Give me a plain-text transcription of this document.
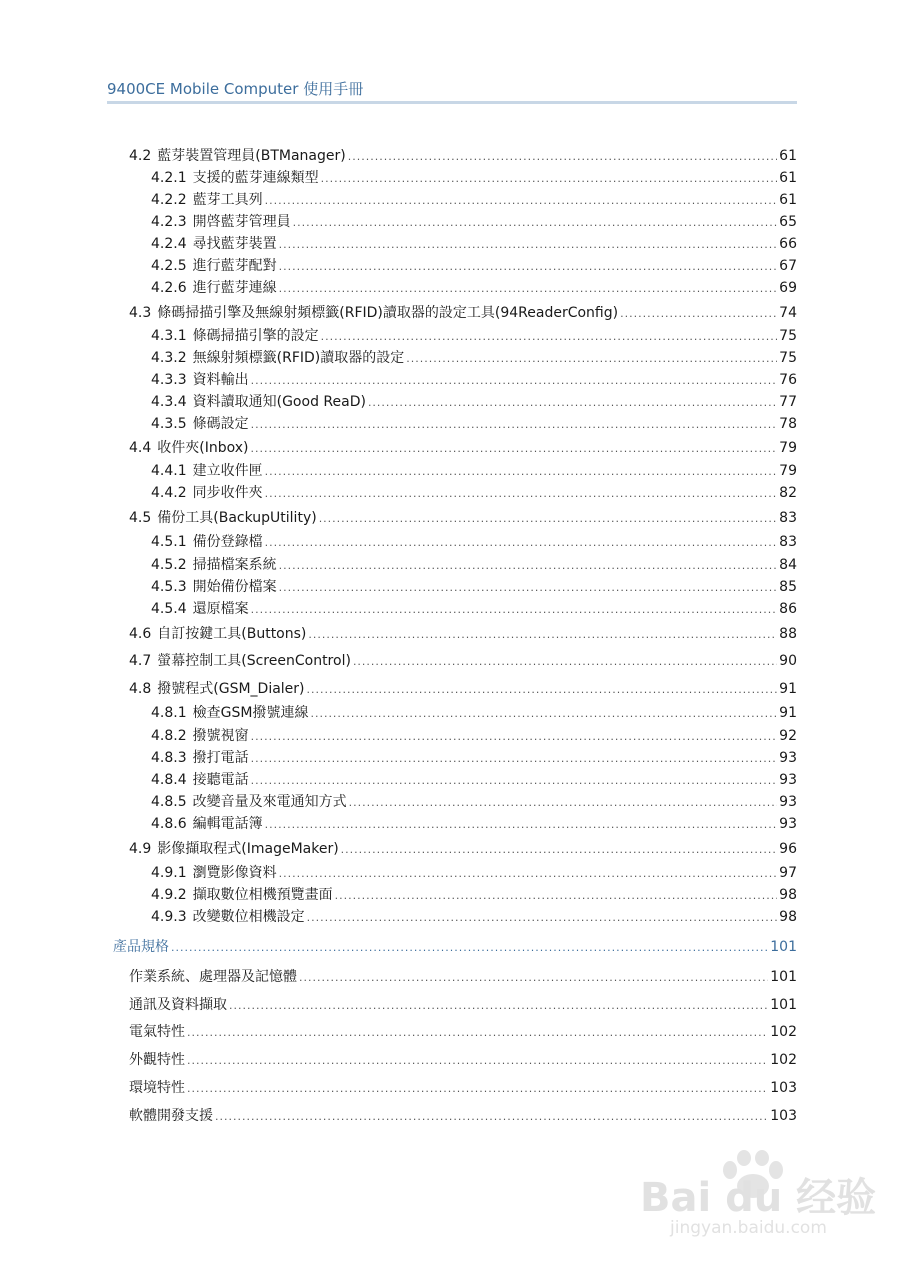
9400CE Mobile Computer 使用手冊
4.2 藍芽裝置管理員(BTManager) .....	61
4.2.1 支援的藍芽連線類型 .....	61
4.2.2 藍芽工具列 .....	61
4.2.3 開啓藍芽管理員 .....	65
4.2.4 尋找藍芽裝置 .....	66
4.2.5 進行藍芽配對 .....	67
4.2.6 進行藍芽連線 .....	69
4.3 條碼掃描引擎及無線射頻標籤(RFID)讀取器的設定工具(94ReaderConfig) .....	74
4.3.1 條碼掃描引擎的設定 .....	75
4.3.2 無線射頻標籤(RFID)讀取器的設定 .....	75
4.3.3 資料輸出 .....	76
4.3.4 資料讀取通知(Good ReaD) .....	77
4.3.5 條碼設定 .....	78
4.4 收件夾(Inbox) .....	79
4.4.1 建立收件匣 .....	79
4.4.2 同步收件夾 .....	82
4.5 備份工具(BackupUtility) .....	83
4.5.1 備份登錄檔 .....	83
4.5.2 掃描檔案系統 .....	84
4.5.3 開始備份檔案 .....	85
4.5.4 還原檔案 .....	86
4.6 自訂按鍵工具(Buttons) .....	88
4.7 螢幕控制工具(ScreenControl) .....	90
4.8 撥號程式(GSM_Dialer) .....	91
4.8.1 檢查GSM撥號連線 .....	91
4.8.2 撥號視窗 .....	92
4.8.3 撥打電話 .....	93
4.8.4 接聽電話 .....	93
4.8.5 改變音量及來電通知方式 .....	93
4.8.6 編輯電話簿 .....	93
4.9 影像擷取程式(ImageMaker) .....	96
4.9.1 瀏覽影像資料 .....	97
4.9.2 擷取數位相機預覽畫面 .....	98
4.9.3 改變數位相機設定 .....	98
產品規格 .....	101
作業系統、處理器及記憶體 .....	101
通訊及資料擷取 .....	101
電氣特性 .....	102
外觀特性 .....	102
環境特性 .....	103
軟體開發支援 .....	103
Bai du 经验
jingyan.baidu.com
